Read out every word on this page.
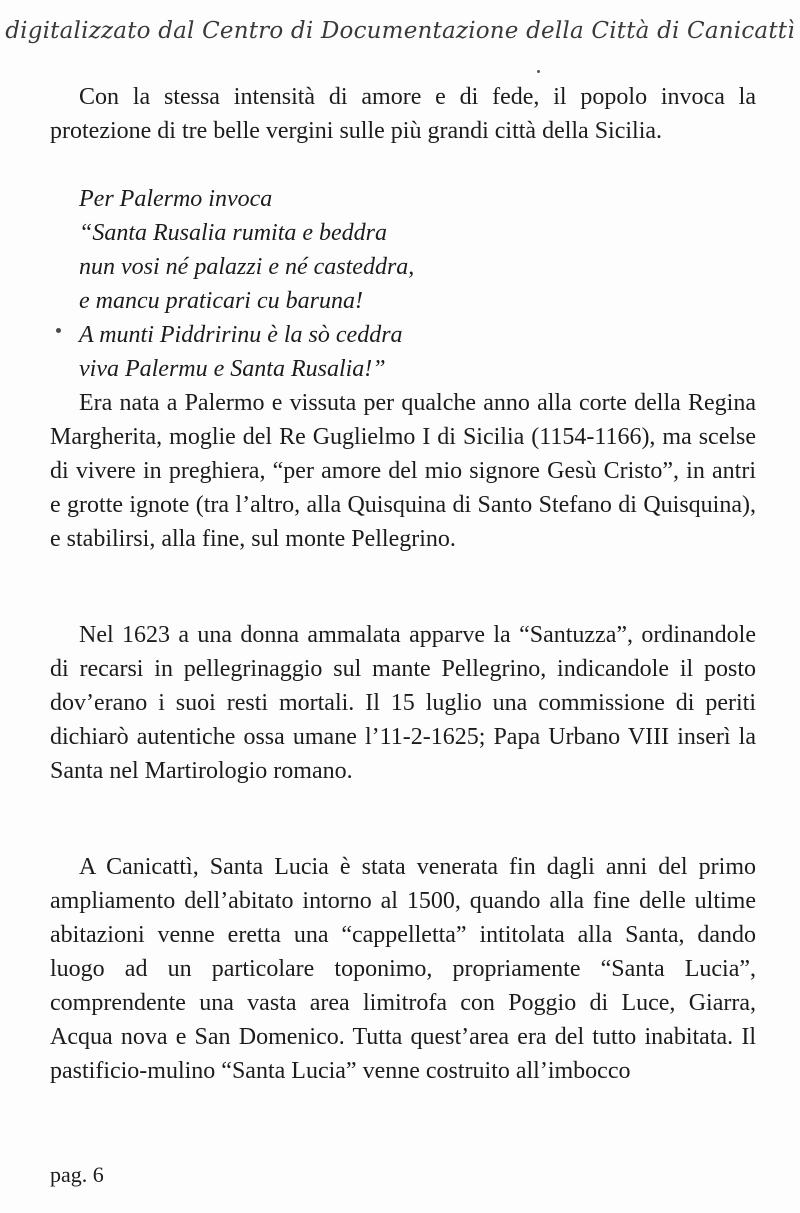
digitalizzato dal Centro di Documentazione della Città di Canicattì

Con la stessa intensità di amore e di fede, il popolo invoca la protezione di tre belle vergini sulle più grandi città della Sicilia.

Per Palermo invoca
“Santa Rusalia rumita e beddra
nun vosi né palazzi e né casteddra,
e mancu praticari cu baruna!
A munti Piddririnu è la sò ceddra
viva Palermu e Santa Rusalia!”

Era nata a Palermo e vissuta per qualche anno alla corte della Regina Margherita, moglie del Re Guglielmo I di Sicilia (1154-1166), ma scelse di vivere in preghiera, “per amore del mio signore Gesù Cristo”, in antri e grotte ignote (tra l’altro, alla Quisquina di Santo Stefano di Quisquina), e stabilirsi, alla fine, sul monte Pellegrino.

Nel 1623 a una donna ammalata apparve la “Santuzza”, ordinandole di recarsi in pellegrinaggio sul mante Pellegrino, indicandole il posto dov’erano i suoi resti mortali. Il 15 luglio una commissione di periti dichiarò autentiche ossa umane l’11-2-1625; Papa Urbano VIII inserì la Santa nel Martirologio romano.

A Canicattì, Santa Lucia è stata venerata fin dagli anni del primo ampliamento dell’abitato intorno al 1500, quando alla fine delle ultime abitazioni venne eretta una “cappelletta” intitolata alla Santa, dando luogo ad un particolare toponimo, propriamente “Santa Lucia”, comprendente una vasta area limitrofa con Poggio di Luce, Giarra, Acqua nova e San Domenico. Tutta quest’area era del tutto inabitata. Il pastificio-mulino “Santa Lucia” venne costruito all’imbocco

pag. 6
